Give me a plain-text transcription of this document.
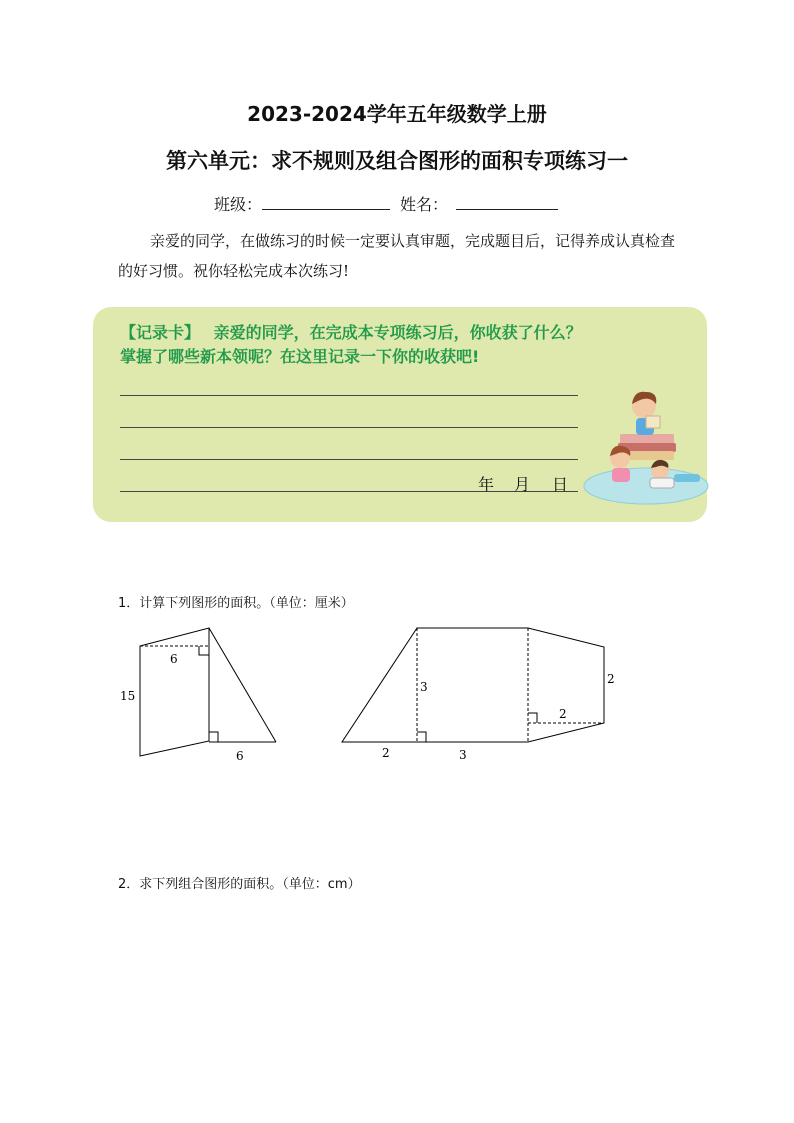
2023-2024学年五年级数学上册
第六单元：求不规则及组合图形的面积专项练习一
班级：	姓名：
亲爱的同学，在做练习的时候一定要认真审题，完成题目后，记得养成认真检查的好习惯。祝你轻松完成本次练习!
【记录卡】　 亲爱的同学，在完成本专项练习后，你收获了什么？
掌握了哪些新本领呢？在这里记录一下你的收获吧!
年 月 日
1．计算下列图形的面积。（单位：厘米）
6
15
6
3
2
2
2	3
2．求下列组合图形的面积。（单位：cm）
